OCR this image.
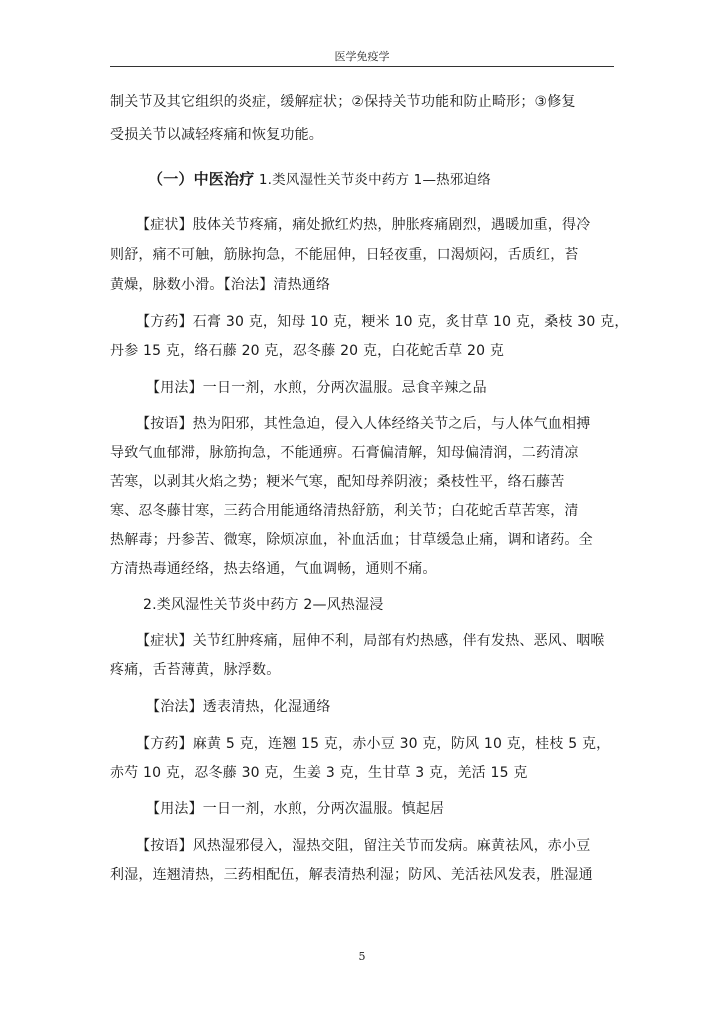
医学免疫学
制关节及其它组织的炎症，缓解症状；②保持关节功能和防止畸形；③修复
受损关节以减轻疼痛和恢复功能。
（一）中医治疗 1.类风湿性关节炎中药方 1—热邪迫络
【症状】肢体关节疼痛，痛处掀红灼热，肿胀疼痛剧烈，遇暖加重，得冷
则舒，痛不可触，筋脉拘急，不能屈伸，日轻夜重，口渴烦闷，舌质红，苔
黄燥，脉数小滑。【治法】清热通络
【方药】石膏 30 克，知母 10 克，粳米 10 克，炙甘草 10 克，桑枝 30 克，
丹参 15 克，络石藤 20 克，忍冬藤 20 克，白花蛇舌草 20 克
【用法】一日一剂，水煎，分两次温服。忌食辛辣之品
【按语】热为阳邪，其性急迫，侵入人体经络关节之后，与人体气血相搏
导致气血郁滞，脉筋拘急，不能通痹。石膏偏清解，知母偏清润，二药清凉
苦寒，以剥其火焰之势；粳米气寒，配知母养阴液；桑枝性平，络石藤苦
寒、忍冬藤甘寒，三药合用能通络清热舒筋，利关节；白花蛇舌草苦寒，清
热解毒；丹参苦、微寒，除烦凉血，补血活血；甘草缓急止痛，调和诸药。全
方清热毒通经络，热去络通，气血调畅，通则不痛。
2.类风湿性关节炎中药方 2—风热湿浸
【症状】关节红肿疼痛，屈伸不利，局部有灼热感，伴有发热、恶风、咽喉
疼痛，舌苔薄黄，脉浮数。
【治法】透表清热，化湿通络
【方药】麻黄 5 克，连翘 15 克，赤小豆 30 克，防风 10 克，桂枝 5 克，
赤芍 10 克，忍冬藤 30 克，生姜 3 克，生甘草 3 克，羌活 15 克
【用法】一日一剂，水煎，分两次温服。慎起居
【按语】风热湿邪侵入，湿热交阻，留注关节而发病。麻黄祛风，赤小豆
利湿，连翘清热，三药相配伍，解表清热利湿；防风、羌活祛风发表，胜湿通
5
